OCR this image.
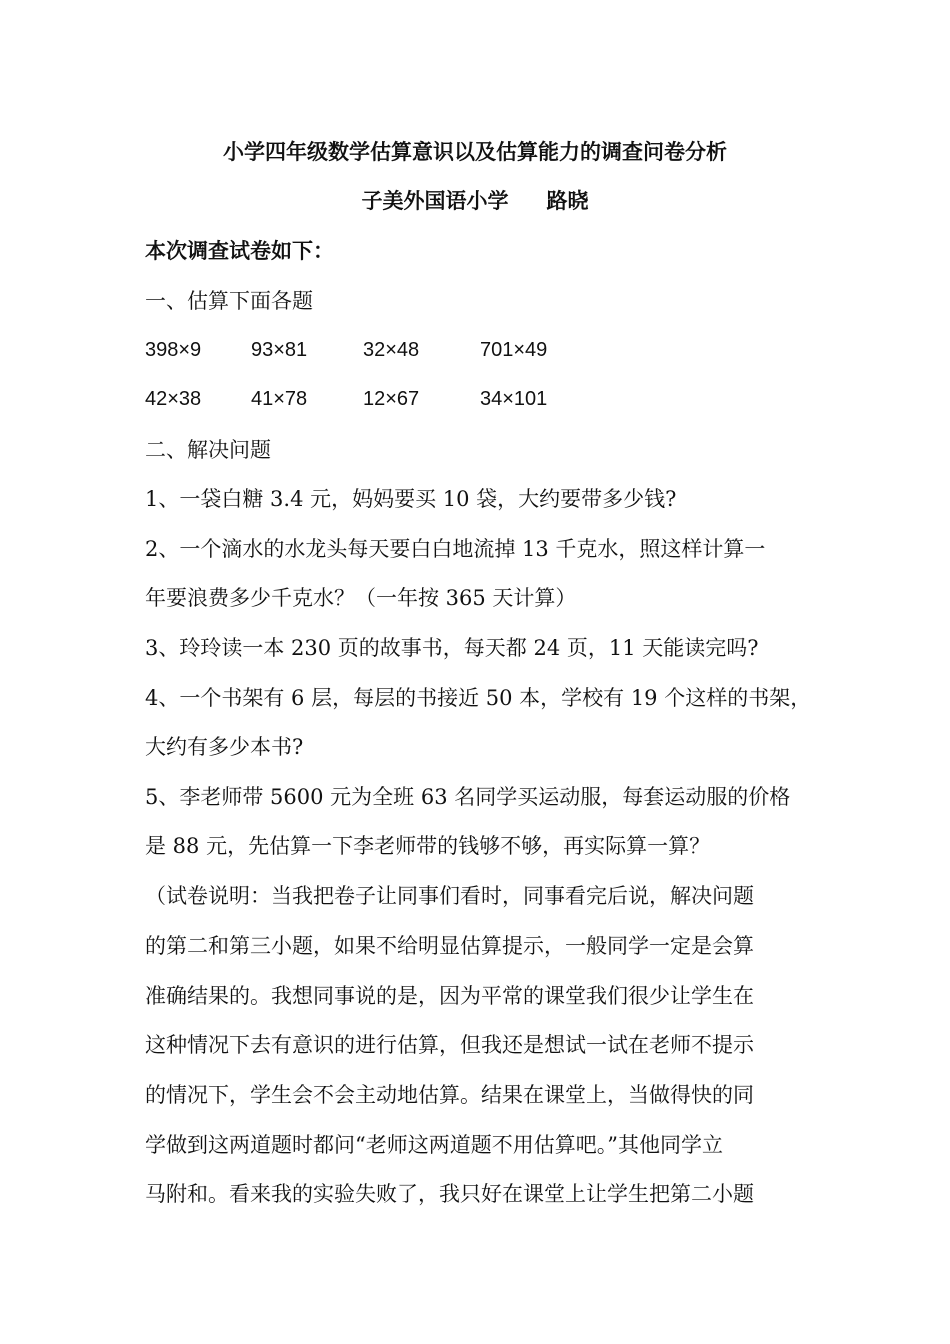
小学四年级数学估算意识以及估算能力的调查问卷分析
子美外国语小学 路晓
本次调查试卷如下：
一、估算下面各题
398×9 93×81	32×48	701×49
42×38 41×78	12×67	34×101
二、解决问题
1、一袋白糖 3.4 元，妈妈要买 10 袋，大约要带多少钱?
2、一个滴水的水龙头每天要白白地流掉 13 千克水，照这样计算一
年要浪费多少千克水？（一年按 365 天计算）
3、玲玲读一本 230 页的故事书，每天都 24 页，11 天能读完吗?
4、一个书架有 6 层，每层的书接近 50 本，学校有 19 个这样的书架，
大约有多少本书?
5、李老师带 5600 元为全班 63 名同学买运动服，每套运动服的价格
是 88 元，先估算一下李老师带的钱够不够，再实际算一算？
（试卷说明：当我把卷子让同事们看时，同事看完后说，解决问题
的第二和第三小题，如果不给明显估算提示，一般同学一定是会算
准确结果的。我想同事说的是，因为平常的课堂我们很少让学生在
这种情况下去有意识的进行估算，但我还是想试一试在老师不提示
的情况下，学生会不会主动地估算。结果在课堂上，当做得快的同
学做到这两道题时都问“老师这两道题不用估算吧。”其他同学立
马附和。看来我的实验失败了，我只好在课堂上让学生把第二小题
